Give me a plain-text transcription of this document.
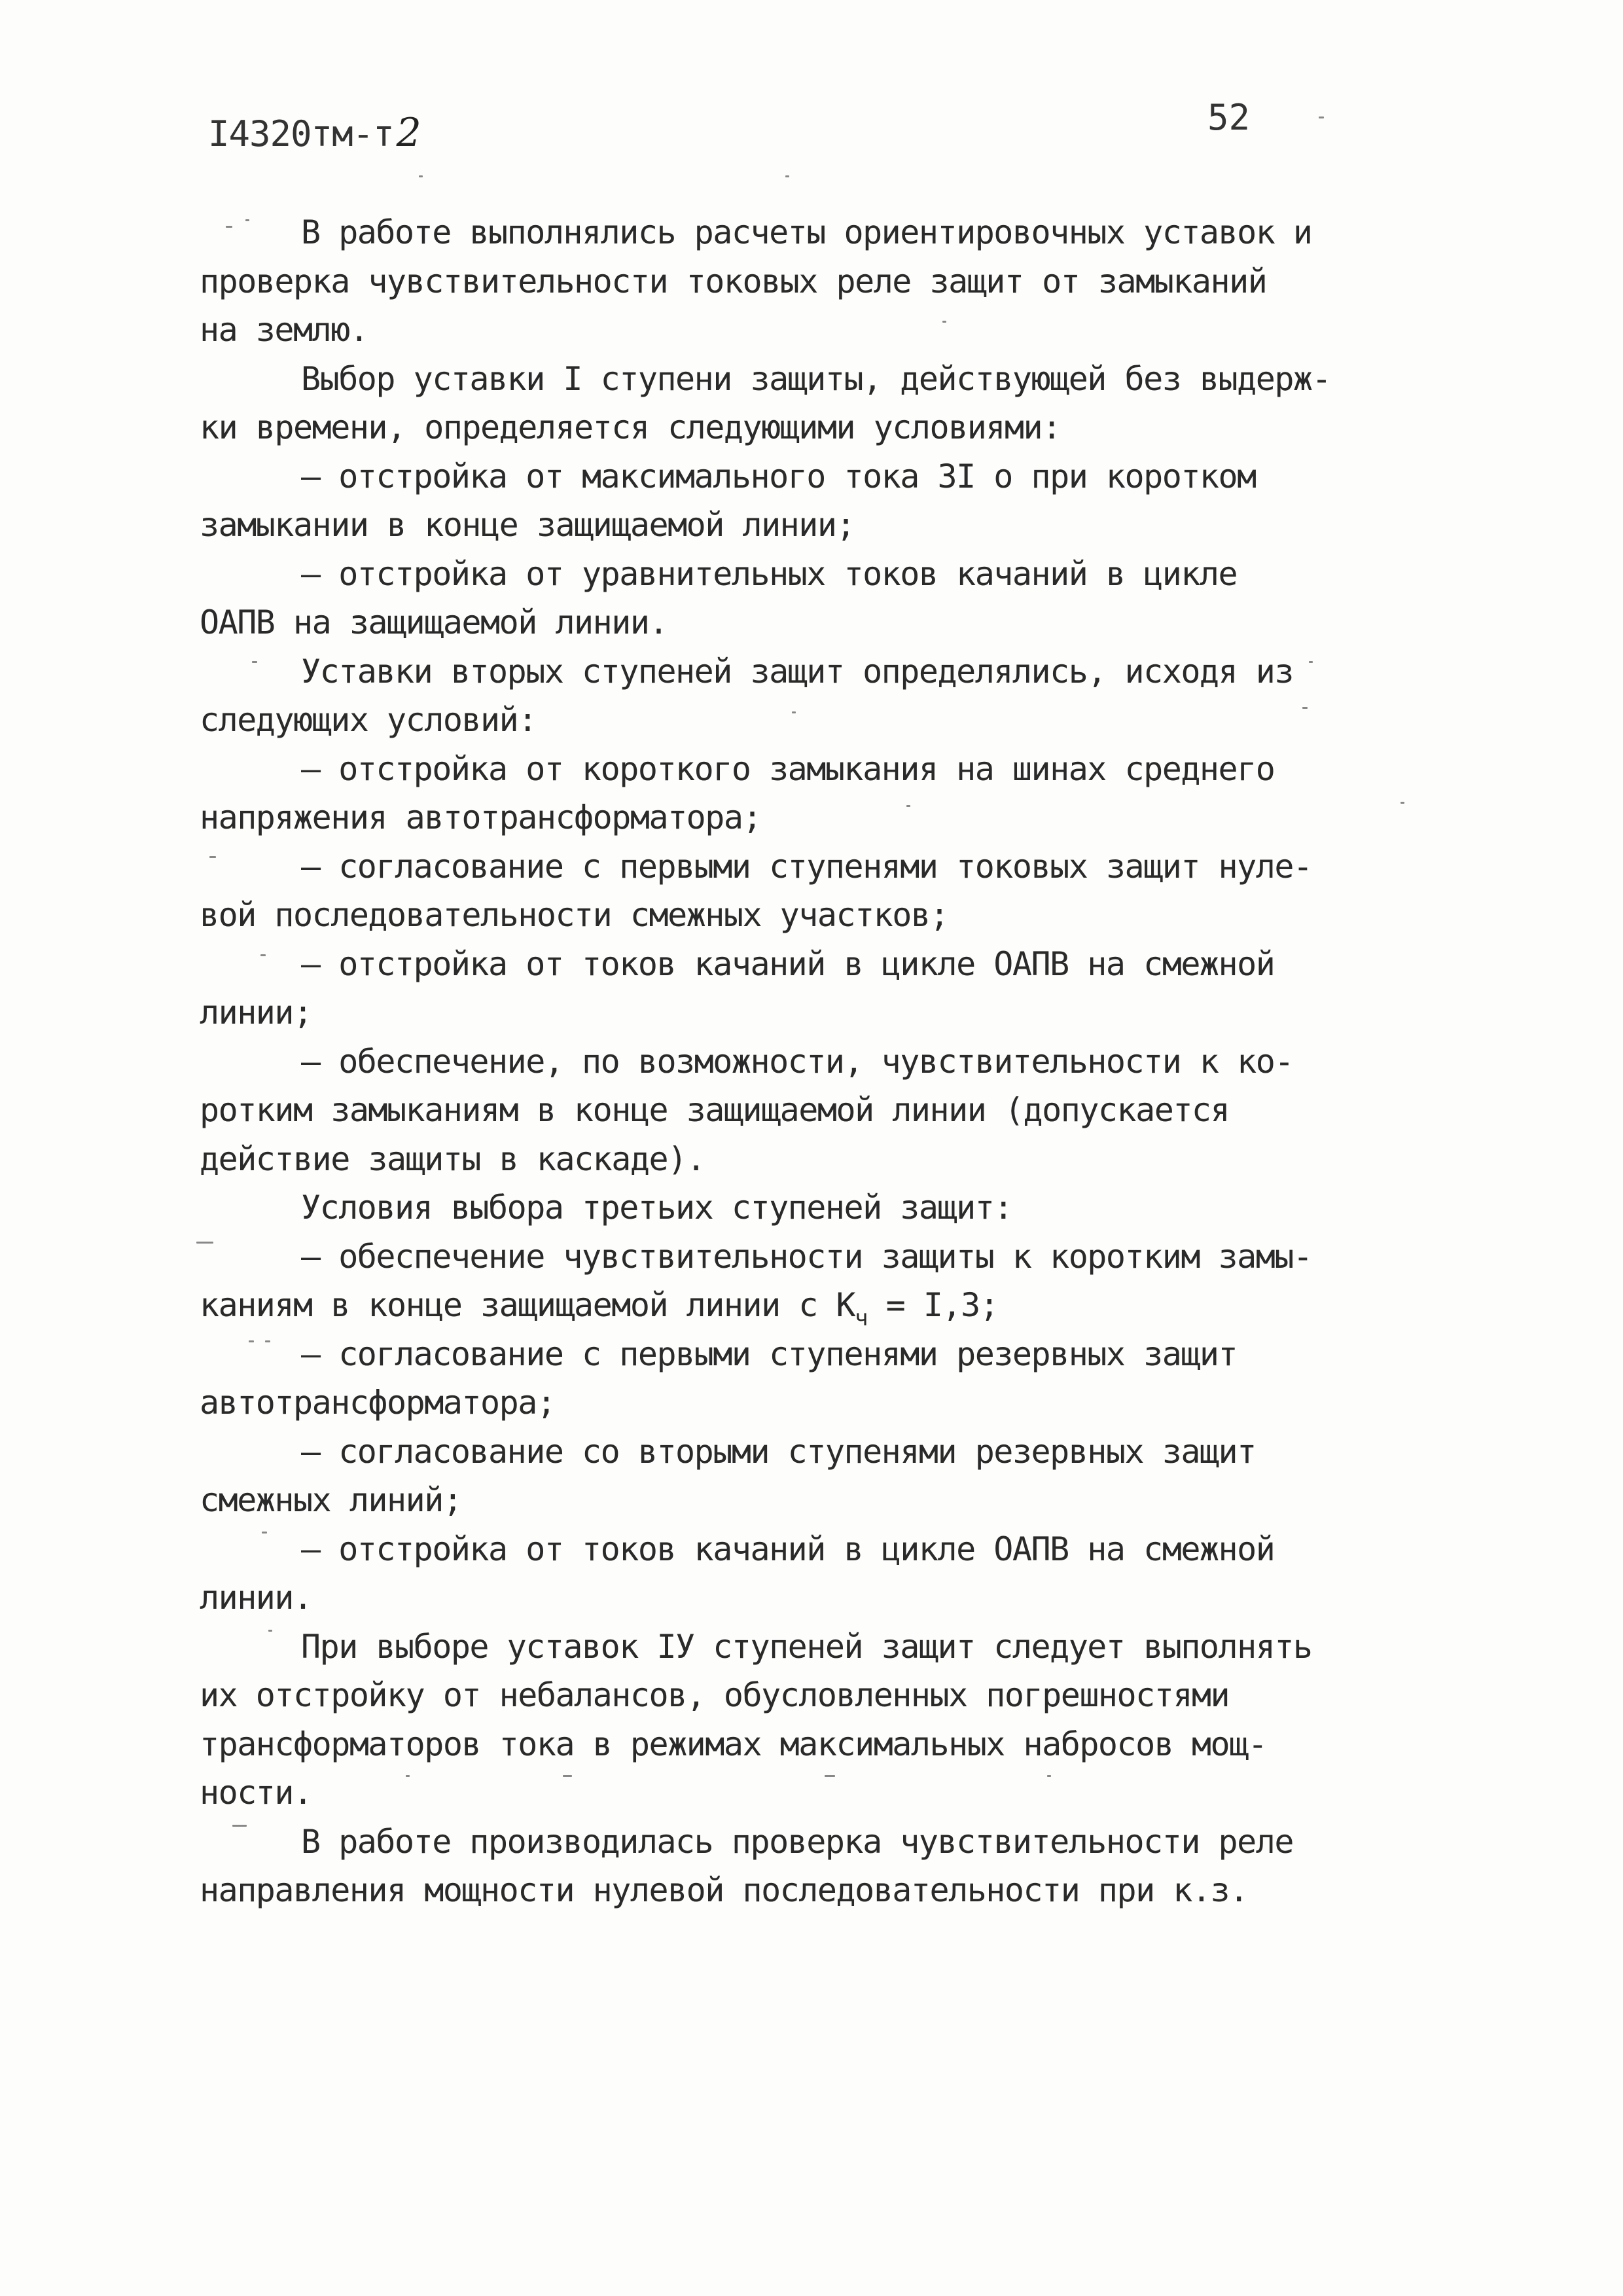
I4320тм-т2	52
В работе выполнялись расчеты ориентировочных уставок и
проверка чувствительности токовых реле защит от замыканий
на землю.
Выбор уставки I ступени защиты, действующей без выдерж-
ки времени, определяется следующими условиями:
– отстройка от максимального тока 3I о при коротком
замыкании в конце защищаемой линии;
– отстройка от уравнительных токов качаний в цикле
ОАПВ на защищаемой линии.
Уставки вторых ступеней защит определялись, исходя из
следующих условий:
– отстройка от короткого замыкания на шинах среднего
напряжения автотрансформатора;
– согласование с первыми ступенями токовых защит нуле-
вой последовательности смежных участков;
– отстройка от токов качаний в цикле ОАПВ на смежной
линии;
– обеспечение, по возможности, чувствительности к ко-
ротким замыканиям в конце защищаемой линии (допускается
действие защиты в каскаде).
Условия выбора третьих ступеней защит:
– обеспечение чувствительности защиты к коротким замы-
каниям в конце защищаемой линии с $К_ч = I,3$;
– согласование с первыми ступенями резервных защит
автотрансформатора;
– согласование со вторыми ступенями резервных защит
смежных линий;
– отстройка от токов качаний в цикле ОАПВ на смежной
линии.
При выборе уставок IУ ступеней защит следует выполнять
их отстройку от небалансов, обусловленных погрешностями
трансформаторов тока в режимах максимальных набросов мощ-
ности.
В работе производилась проверка чувствительности реле
направления мощности нулевой последовательности при к.з.
